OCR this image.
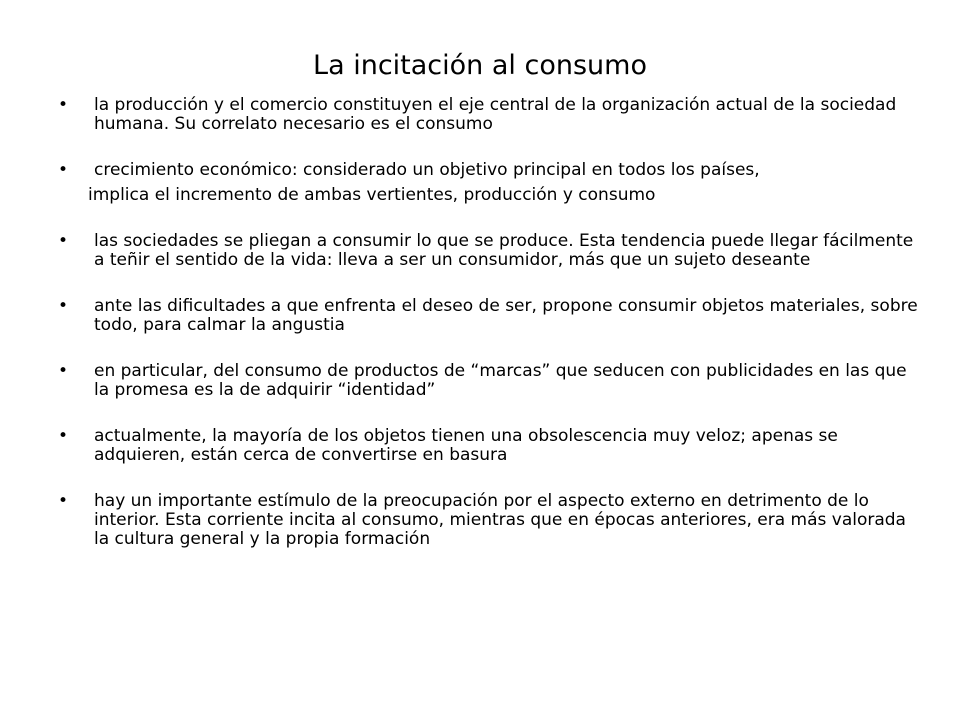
La incitación al consumo
•	la producción y el comercio constituyen el eje central de la organización actual de la sociedad humana. Su correlato necesario es el consumo
•	crecimiento económico: considerado un objetivo principal en todos los países,
implica el incremento de ambas vertientes, producción y consumo
•	las sociedades se pliegan a consumir lo que se produce. Esta tendencia puede llegar fácilmente a teñir el sentido de la vida: lleva a ser un consumidor, más que un sujeto deseante
•	ante las dificultades a que enfrenta el deseo de ser, propone consumir objetos materiales, sobre todo, para calmar la angustia
•	en particular, del consumo de productos de “marcas” que seducen con publicidades en las que la promesa es la de adquirir “identidad”
•	actualmente, la mayoría de los objetos tienen una obsolescencia muy veloz; apenas se adquieren, están cerca de convertirse en basura
•	hay un importante estímulo de la preocupación por el aspecto externo en detrimento de lo interior. Esta corriente incita al consumo, mientras que en épocas anteriores, era más valorada la cultura general y la propia formación
